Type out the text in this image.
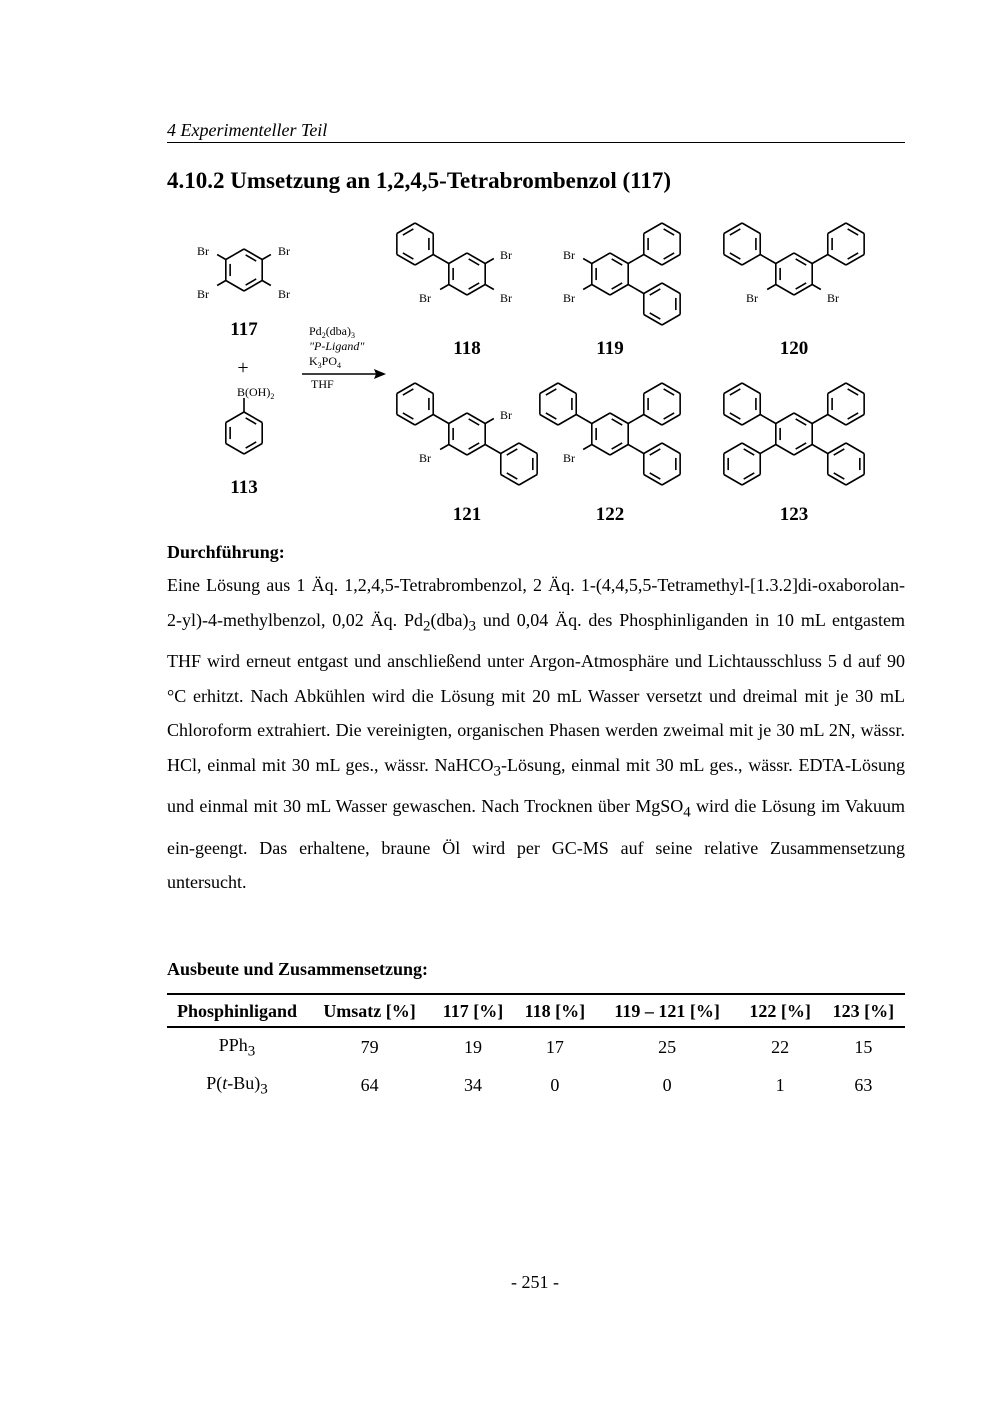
4 Experimenteller Teil
4.10.2 Umsetzung an 1,2,4,5-Tetrabrombenzol (117)
Br	Br
Br	Br
Br
Br	Br
Br
Br	Br	Br
Br
Br	Br
$B(OH)_2$
+
117
113
118	119	120
121	122	123
$Pd_2(dba)_3$
"P-Ligand"
$K_3PO_4$
THF
Durchführung:

Eine Lösung aus 1 Äq. 1,2,4,5-Tetrabrombenzol, 2 Äq. 1-(4,4,5,5-Tetramethyl-[1.3.2]di-oxaborolan-2-yl)-4-methylbenzol, 0,02 Äq. $Pd_2(dba)_3$ und 0,04 Äq. des Phosphinliganden in 10 mL entgastem THF wird erneut entgast und anschließend unter Argon-Atmosphäre und Lichtausschluss 5 d auf 90 °C erhitzt. Nach Abkühlen wird die Lösung mit 20 mL Wasser versetzt und dreimal mit je 30 mL Chloroform extrahiert. Die vereinigten, organischen Phasen werden zweimal mit je 30 mL 2N, wässr. HCl, einmal mit 30 mL ges., wässr. NaHCO$_3$-Lösung, einmal mit 30 mL ges., wässr. EDTA-Lösung und einmal mit 30 mL Wasser gewaschen. Nach Trocknen über MgSO$_4$ wird die Lösung im Vakuum ein-geengt. Das erhaltene, braune Öl wird per GC-MS auf seine relative Zusammensetzung untersucht.

Ausbeute und Zusammensetzung:
Phosphinligand	Umsatz [%]	117 [%]	118 [%]	119 – 121 [%]	122 [%]	123 [%]
PPh$_3$	79	19	17	25	22	15
$P(t-Bu)_3$	64	34	0	0	1	63
- 251 -
